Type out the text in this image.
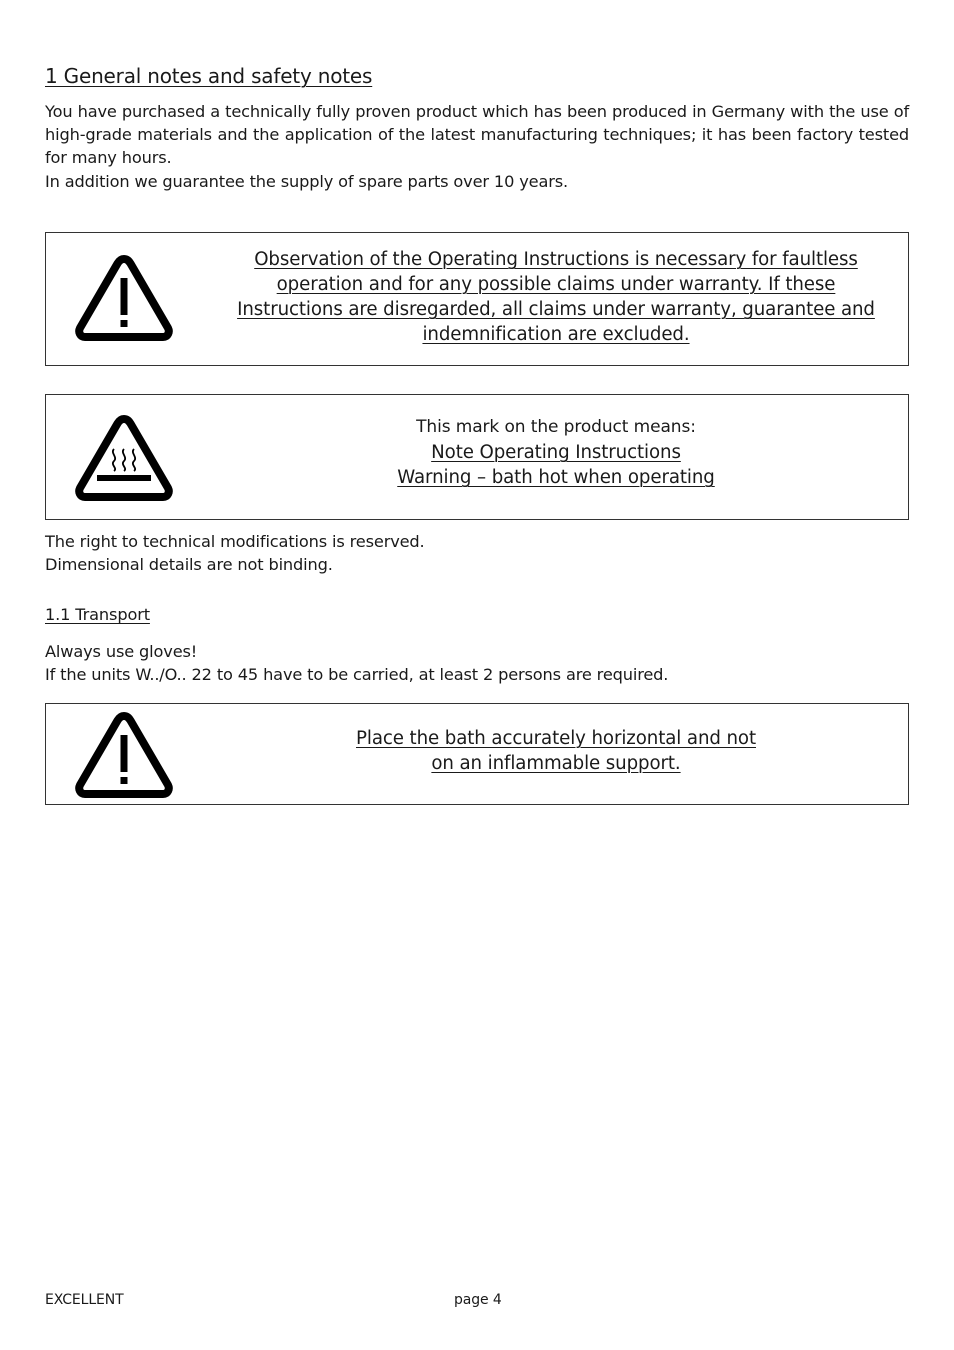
1 General notes and safety notes

You have purchased a technically fully proven product which has been produced in Germany with the use of high-grade materials and the application of the latest manufacturing techniques; it has been factory tested for many hours.

In addition we guarantee the supply of spare parts over 10 years.

Observation of the Operating Instructions is necessary for faultless
operation and for any possible claims under warranty. If these
Instructions are disregarded, all claims under warranty, guarantee and
indemnification are excluded.
This mark on the product means:
Note Operating Instructions
Warning – bath hot when operating

The right to technical modifications is reserved.

Dimensional details are not binding.

1.1 Transport

Always use gloves!

If the units W../O.. 22 to 45 have to be carried, at least 2 persons are required.

Place the bath accurately horizontal and not
on an inflammable support.
EXCELLENT	page 4
